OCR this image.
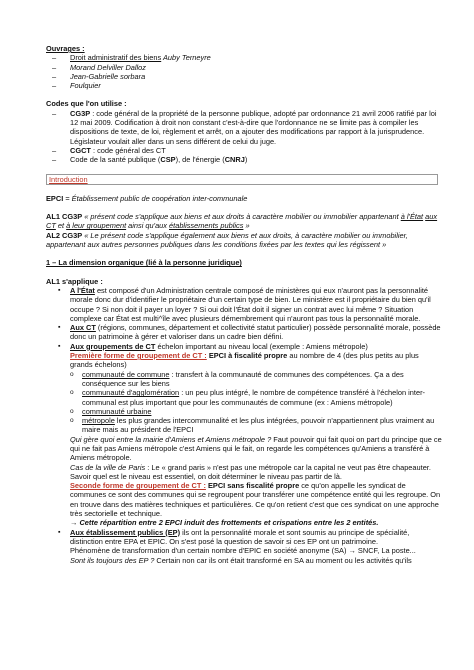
Ouvrages :

– Droit administratif des biens Auby Terneyre
– Morand Delviller Dalloz
– Jean-Gabrielle sorbara
– Foulquier

Codes que l'on utilise :

– CG3P : code général de la propriété de la personne publique, adopté par ordonnance 21 avril 2006 ratifié par loi 12 mai 2009. Codification à droit non constant c'est-à-dire que l'ordonnance ne se limite pas à compiler les dispositions de texte, de loi, règlement et arrêt, on a ajouter des modifications par rapport à la jurisprudence. Législateur voulait aller dans un sens différent de celui du juge.
– CGCT : code général des CT
– Code de la santé publique (CSP), de l'énergie (CNRJ)
Introduction

EPCI = Établissement public de coopération inter-communale

AL1 CG3P « présent code s'applique aux biens et aux droits à caractère mobilier ou immobilier appartenant à l'État aux CT et à leur groupement ainsi qu'aux établissements publics »

AL2 CG3P « Le présent code s'applique également aux biens et aux droits, à caractère mobilier ou immobilier, appartenant aux autres personnes publiques dans les conditions fixées par les textes qui les régissent »

1 – La dimension organique (lié à la personne juridique)

AL1 s'applique :

▪ A l'État est composé d'un Administration centrale composé de ministères qui eux n'auront pas la personnalité morale donc dur d'identifier le propriétaire d'un certain type de bien. Le ministère est il propriétaire du bien qu'il occupe ? Si non doit il payer un loyer ? Si oui doit l'État doit il signer un contrat avec lui même ? Situation complexe car État est multi^île avec plusieurs démembrement qui n'auront pas tous la personnalité morale.
▪ Aux CT (régions, communes, département et collectivité statut particulier) possède personnalité morale, possède donc un patrimoine à gérer et valoriser dans un cadre bien défini.
▪ Aux groupements de CT échelon important au niveau local (exemple : Amiens métropole)

Première forme de groupement de CT : EPCI à fiscalité propre au nombre de 4 (des plus petits au plus grands échelons)

o communauté de commune : transfert à la communauté de communes des compétences. Ça a des conséquence sur les biens
o communauté d'agglomération : un peu plus intégré, le nombre de compétence transféré à l'échelon inter-communal est plus important que pour les communautés de commune (ex : Amiens métropole)
o communauté urbaine
o métropole les plus grandes intercommunalité et les plus intégrées, pouvoir n'appartiennent plus vraiment au maire mais au président de l'EPCI

Qui gère quoi entre la mairie d'Amiens et Amiens métropole ? Faut pouvoir qui fait quoi on part du principe que ce qui ne fait pas Amiens métropole c'est Amiens qui le fait, on regarde les compétences qu'Amiens a transféré à Amiens métropole.

Cas de la ville de Paris : Le « grand paris » n'est pas une métropole car la capital ne veut pas être chapeauter. Savoir quel est le niveau est essentiel, on doit déterminer le niveau pas partir de là.

Seconde forme de groupement de CT : EPCI sans fiscalité propre ce qu'on appelle les syndicat de communes ce sont des communes qui se regroupent pour transférer une compétence entité qui les regroupe. On en trouve dans des matières techniques et particulières. Ce qu'on retient c'est que ces syndicat on une approche très sectorielle et technique.

→ Cette répartition entre 2 EPCI induit des frottements et crispations entre les 2 entités.

▪ Aux établissement publics (EP) ils ont la personnalité morale et sont soumis au principe de spécialité, distinction entre EPA et EPIC. On s'est posé la question de savoir si ces EP ont un patrimoine.

Phénomène de transformation d'un certain nombre d'EPIC en société anonyme (SA) → SNCF, La poste...

Sont ils toujours des EP ? Certain non car ils ont était transformé en SA au moment ou les activités qu'ils
